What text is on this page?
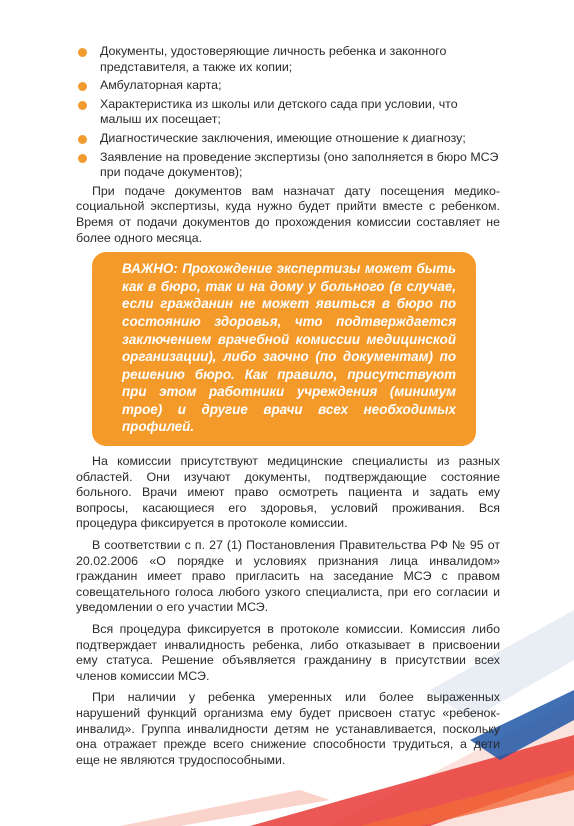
Документы, удостоверяющие личность ребенка и законного представителя, а также их копии;
Амбулаторная карта;
Характеристика из школы или детского сада при условии, что малыш их посещает;
Диагностические заключения, имеющие отношение к диагнозу;
Заявление на проведение экспертизы (оно заполняется в бюро МСЭ при подаче документов);

При подаче документов вам назначат дату посещения медико-социальной экспертизы, куда нужно будет прийти вместе с ребенком. Время от подачи документов до прохождения комиссии составляет не более одного месяца.

ВАЖНО: Прохождение экспертизы может быть как в бюро, так и на дому у больного (в случае, если гражданин не может явиться в бюро по состоянию здоровья, что подтверждается заключением врачебной комиссии медицинской организации), либо заочно (по документам) по решению бюро. Как правило, присутствуют при этом работники учреждения (минимум трое) и другие врачи всех необходимых профилей.

На комиссии присутствуют медицинские специалисты из разных областей. Они изучают документы, подтверждающие состояние больного. Врачи имеют право осмотреть пациента и задать ему вопросы, касающиеся его здоровья, условий проживания. Вся процедура фиксируется в протоколе комиссии.

В соответствии с п. 27 (1) Постановления Правительства РФ № 95 от 20.02.2006 «О порядке и условиях признания лица инвалидом» гражданин имеет право пригласить на заседание МСЭ с правом совещательного голоса любого узкого специалиста, при его согласии и уведомлении о его участии МСЭ.

Вся процедура фиксируется в протоколе комиссии. Комиссия либо подтверждает инвалидность ребенка, либо отказывает в присвоении ему статуса. Решение объявляется гражданину в присутствии всех членов комиссии МСЭ.

При наличии у ребенка умеренных или более выраженных нарушений функций организма ему будет присвоен статус «ребенок-инвалид». Группа инвалидности детям не устанавливается, поскольку она отражает прежде всего снижение способности трудиться, а дети еще не являются трудоспособными.
